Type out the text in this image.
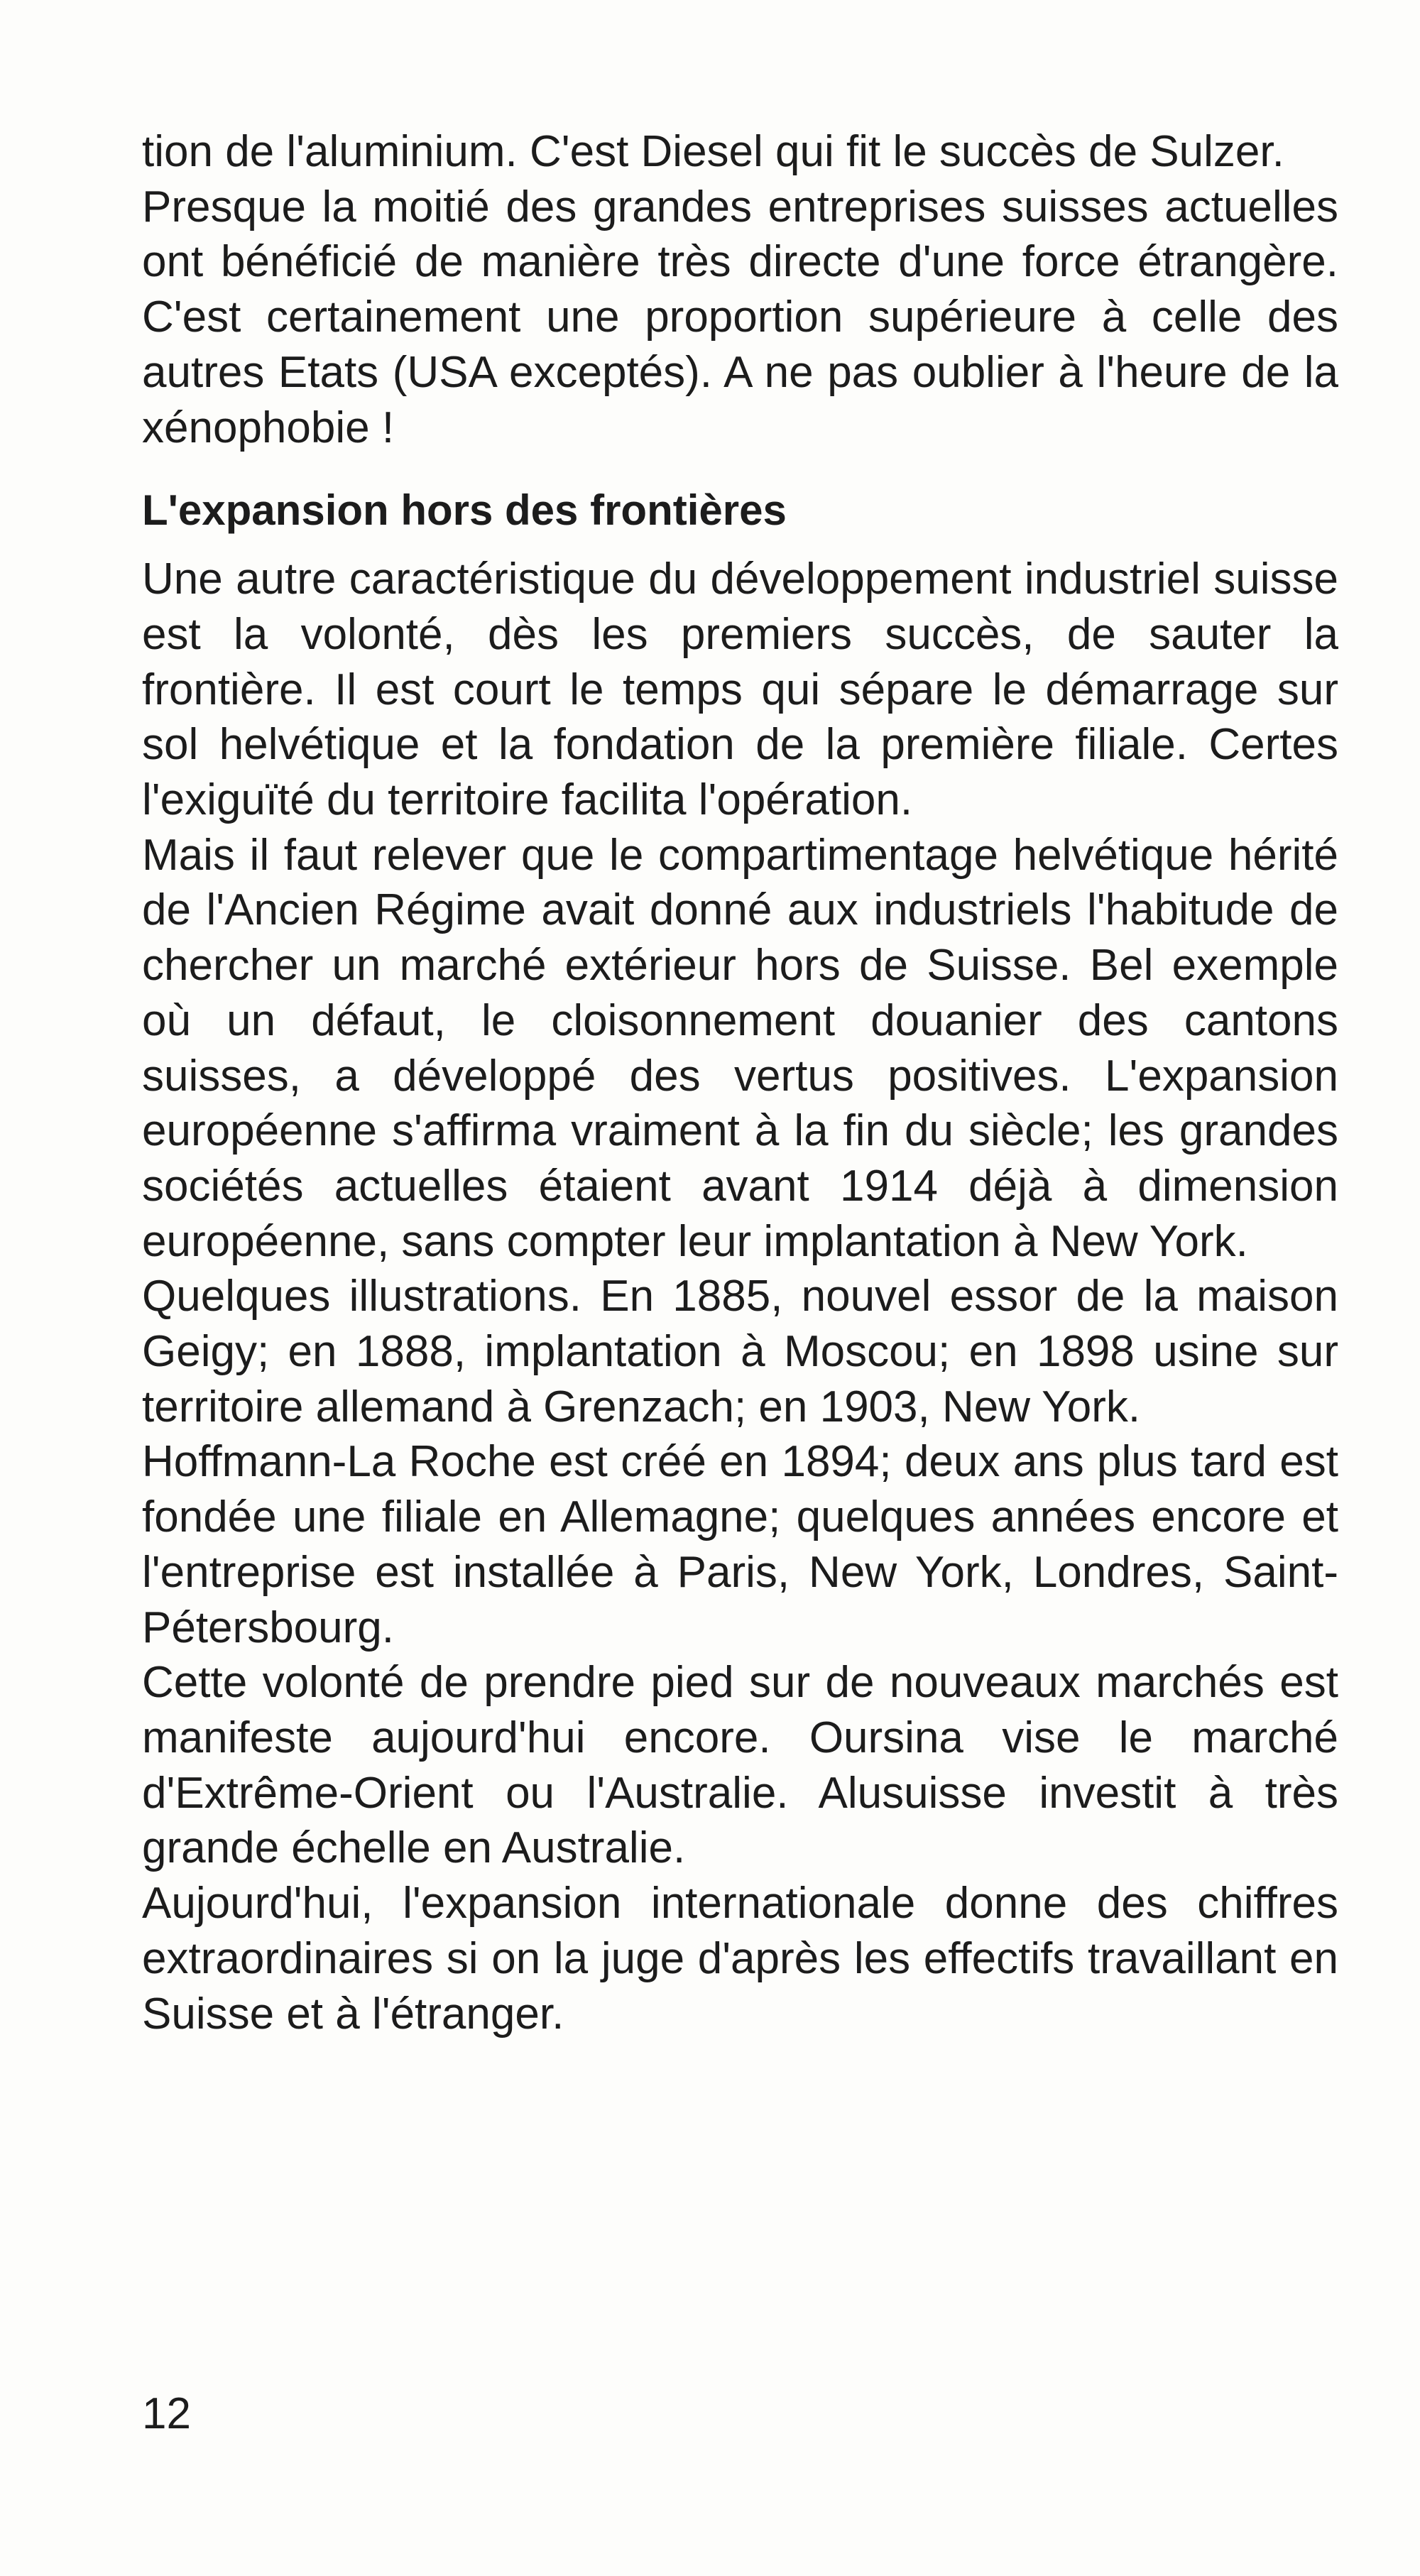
tion de l'aluminium. C'est Diesel qui fit le succès de Sulzer.

Presque la moitié des grandes entreprises suisses actuelles ont bénéficié de manière très directe d'une force étrangère. C'est certainement une proportion supérieure à celle des autres Etats (USA exceptés). A ne pas oublier à l'heure de la xénophobie !

L'expansion hors des frontières

Une autre caractéristique du développement industriel suisse est la volonté, dès les premiers succès, de sauter la frontière. Il est court le temps qui sépare le démarrage sur sol helvétique et la fondation de la première filiale. Certes l'exiguïté du territoire facilita l'opération.

Mais il faut relever que le compartimentage helvétique hérité de l'Ancien Régime avait donné aux industriels l'habitude de chercher un marché extérieur hors de Suisse. Bel exemple où un défaut, le cloisonnement douanier des cantons suisses, a développé des vertus positives. L'expansion européenne s'affirma vraiment à la fin du siècle; les grandes sociétés actuelles étaient avant 1914 déjà à dimension européenne, sans compter leur implantation à New York.

Quelques illustrations. En 1885, nouvel essor de la maison Geigy; en 1888, implantation à Moscou; en 1898 usine sur territoire allemand à Grenzach; en 1903, New York.

Hoffmann-La Roche est créé en 1894; deux ans plus tard est fondée une filiale en Allemagne; quelques années encore et l'entreprise est installée à Paris, New York, Londres, Saint-Pétersbourg.

Cette volonté de prendre pied sur de nouveaux marchés est manifeste aujourd'hui encore. Oursina vise le marché d'Extrême-Orient ou l'Australie. Alusuisse investit à très grande échelle en Australie.

Aujourd'hui, l'expansion internationale donne des chiffres extraordinaires si on la juge d'après les effectifs travaillant en Suisse et à l'étranger.

12
